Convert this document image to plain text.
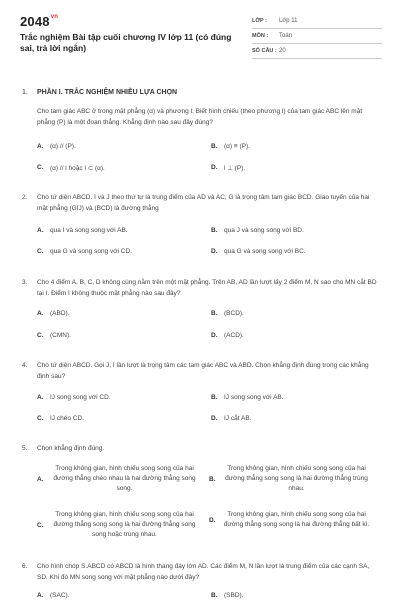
$2048^{vn}$
Trắc nghiệm Bài tập cuối chương IV lớp 11 (có đúng sai, trả lời ngắn)
LỚP :	Lớp 11
MÔN :	Toán
SỐ CÂU : 20
1. PHẦN I. TRẮC NGHIỆM NHIỀU LỰA CHỌN
Cho tam giác ABC ở trong mặt phẳng (α) và phương l. Biết hình chiếu (theo phương l) của tam giác ABC lên mặt phẳng (P) là một đoạn thẳng. Khẳng định nào sau đây đúng?
A.	(α) // (P).	B.	(α) ≡ (P).
C.	(α) // l hoặc l ⊂ (α).	D.	l ⊥ (P).
2.	Cho tứ diện ABCD. I và J theo thứ tự là trung điểm của AD và AC, G là trọng tâm tam giác BCD. Giao tuyến của hai mặt phẳng (GIJ) và (BCD) là đường thẳng
A.	qua I và song song với AB.	B.	qua J và song song với BD.
C.	qua G và song song với CD.	D.	qua G và song song với BC.
3.	Cho 4 điểm A, B, C, D không cùng nằm trên một mặt phẳng. Trên AB, AD lần lượt lấy 2 điểm M, N sao cho MN cắt BD tại I. Điểm I không thuộc mặt phẳng nào sau đây?
A.	(ABD).	B.	(BCD).
C.	(CMN).	D.	(ACD).
4.	Cho tứ diện ABCD. Gọi J, I lần lượt là trọng tâm các tam giác ABC và ABD. Chọn khẳng định đúng trong các khẳng định sau?
A.	IJ song song với CD.	B.	IJ song song với AB.
C.	IJ chéo CD.	D.	IJ cắt AB.
5.	Chọn khẳng định đúng.
A.
Trong không gian, hình chiếu song song của hai đường thẳng chéo nhau là hai đường thẳng song song.
B.
Trong không gian, hình chiếu song song của hai đường thẳng song song là hai đường thẳng trùng nhau.
C.
Trong không gian, hình chiếu song song của hai đường thẳng song song là hai đường thẳng song song hoặc trùng nhau.
D.
Trong không gian, hình chiếu song song của hai đường thẳng song song là hai đường thẳng bất kì.
6.	Cho hình chóp S.ABCD có ABCD là hình thang đáy lớn AD. Các điểm M, N lần lượt là trung điểm của các cạnh SA, SD. Khi đó MN song song với mặt phẳng nào dưới đây?
A.	(SAC).	B.	(SBD).
